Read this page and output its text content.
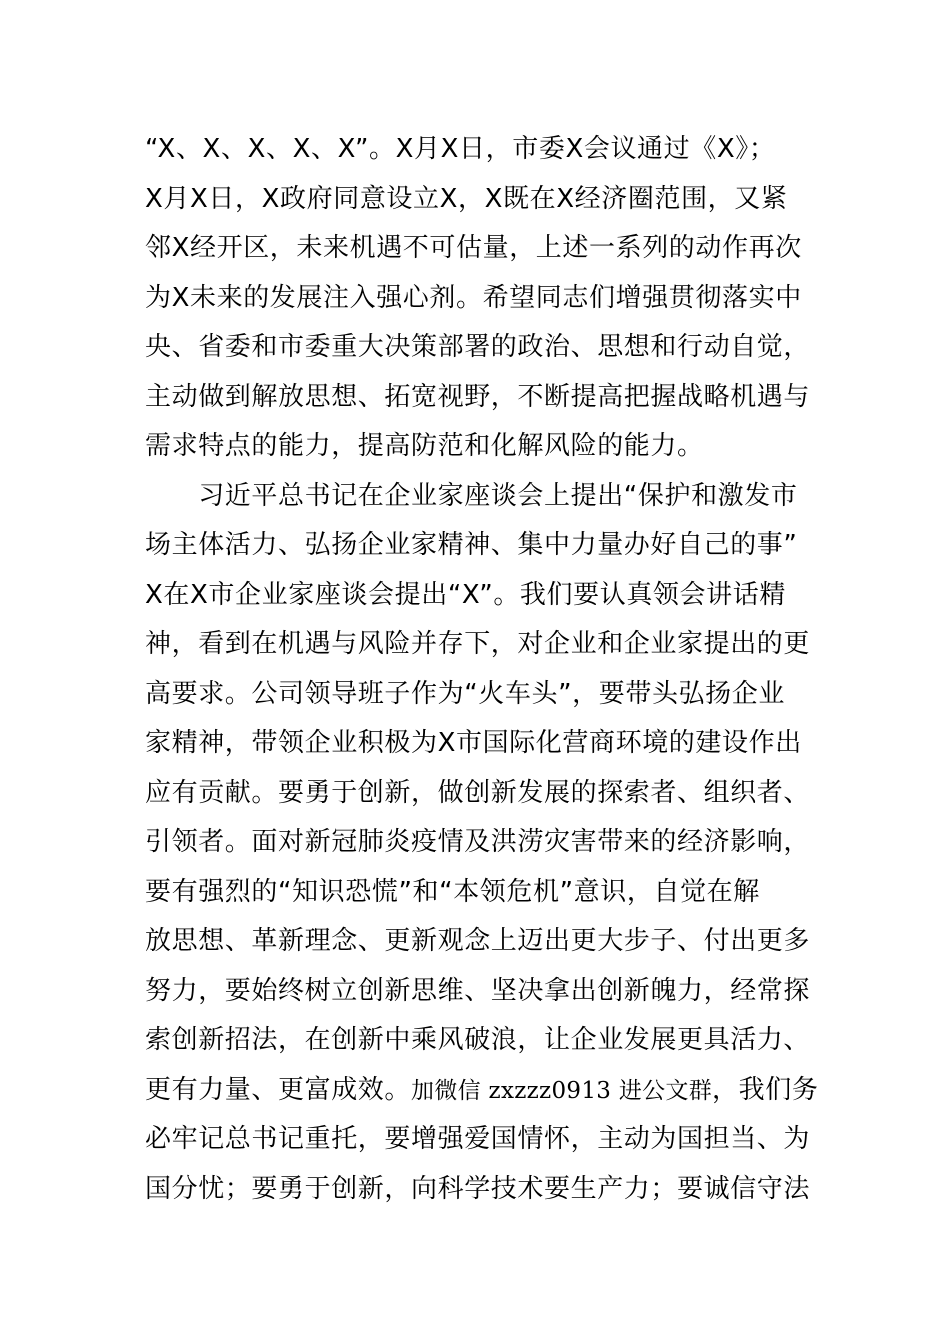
“X、X、X、X、X”。X月X日，市委X会议通过《X》；
X月X日，X政府同意设立X，X既在X经济圈范围，又紧
邻X经开区，未来机遇不可估量，上述一系列的动作再次
为X未来的发展注入强心剂。希望同志们增强贯彻落实中
央、省委和市委重大决策部署的政治、思想和行动自觉，
主动做到解放思想、拓宽视野，不断提高把握战略机遇与
需求特点的能力，提高防范和化解风险的能力。
　　习近平总书记在企业家座谈会上提出“保护和激发市
场主体活力、弘扬企业家精神、集中力量办好自己的事”
X在X市企业家座谈会提出“X”。我们要认真领会讲话精
神，看到在机遇与风险并存下，对企业和企业家提出的更
高要求。公司领导班子作为“火车头”，要带头弘扬企业
家精神，带领企业积极为X市国际化营商环境的建设作出
应有贡献。要勇于创新，做创新发展的探索者、组织者、
引领者。面对新冠肺炎疫情及洪涝灾害带来的经济影响，
要有强烈的“知识恐慌”和“本领危机”意识，自觉在解
放思想、革新理念、更新观念上迈出更大步子、付出更多
努力，要始终树立创新思维、坚决拿出创新魄力，经常探
索创新招法，在创新中乘风破浪，让企业发展更具活力、
更有力量、更富成效。加微信 zxzzz0913 进公文群，我们务
必牢记总书记重托，要增强爱国情怀，主动为国担当、为
国分忧；要勇于创新，向科学技术要生产力；要诚信守法
